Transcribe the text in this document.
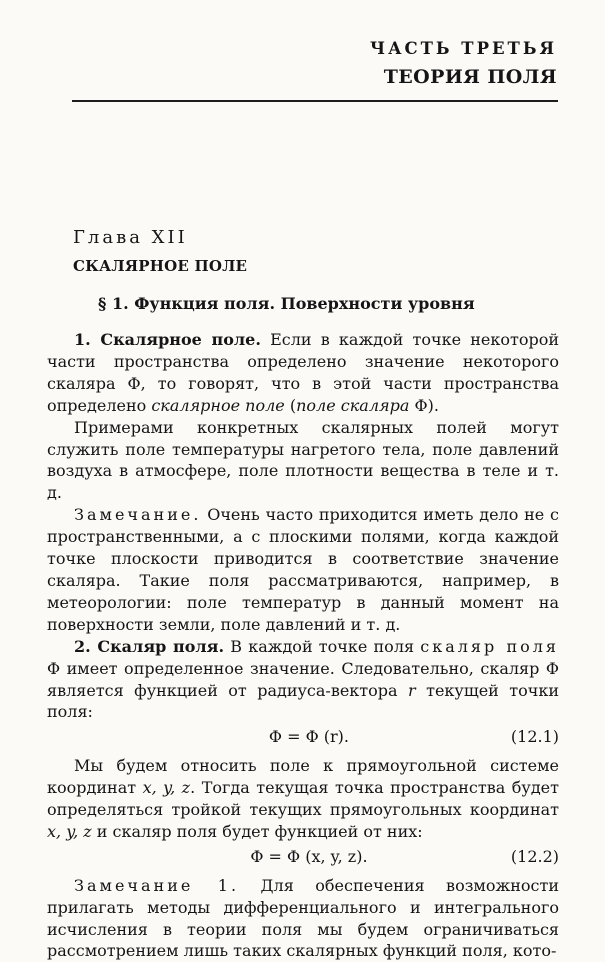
ЧАСТЬ ТРЕТЬЯ
ТЕОРИЯ ПОЛЯ
Глава XII
СКАЛЯРНОЕ ПОЛЕ
§ 1. Функция поля. Поверхности уровня

1. Скалярное поле. Если в каждой точке некоторой части пространства определено значение некоторого скаляра Φ, то говорят, что в этой части пространства определено скалярное поле (поле скаляра Φ).

Примерами конкретных скалярных полей могут служить поле температуры нагретого тела, поле давлений воздуха в атмосфере, поле плотности вещества в теле и т. д.

Замечание. Очень часто приходится иметь дело не с пространственными, а с плоскими полями, когда каждой точке плоскости приводится в соответствие значение скаляра. Такие поля рассматриваются, например, в метеорологии: поле температур в данный момент на поверхности земли, поле давлений и т. д.

2. Скаляр поля. В каждой точке поля скаляр поля Φ имеет определенное значение. Следовательно, скаляр Φ является функцией от радиуса-вектора r текущей точки поля:

Φ = Φ (r).	(12.1)

Мы будем относить поле к прямоугольной системе координат x, y, z. Тогда текущая точка пространства будет определяться тройкой текущих прямоугольных координат x, y, z и скаляр поля будет функцией от них:

Φ = Φ (x, y, z).	(12.2)

Замечание 1. Для обеспечения возможности прилагать методы дифференциального и интегрального исчисления в теории поля мы будем ограничиваться рассмотрением лишь таких скалярных функций поля, кото-
